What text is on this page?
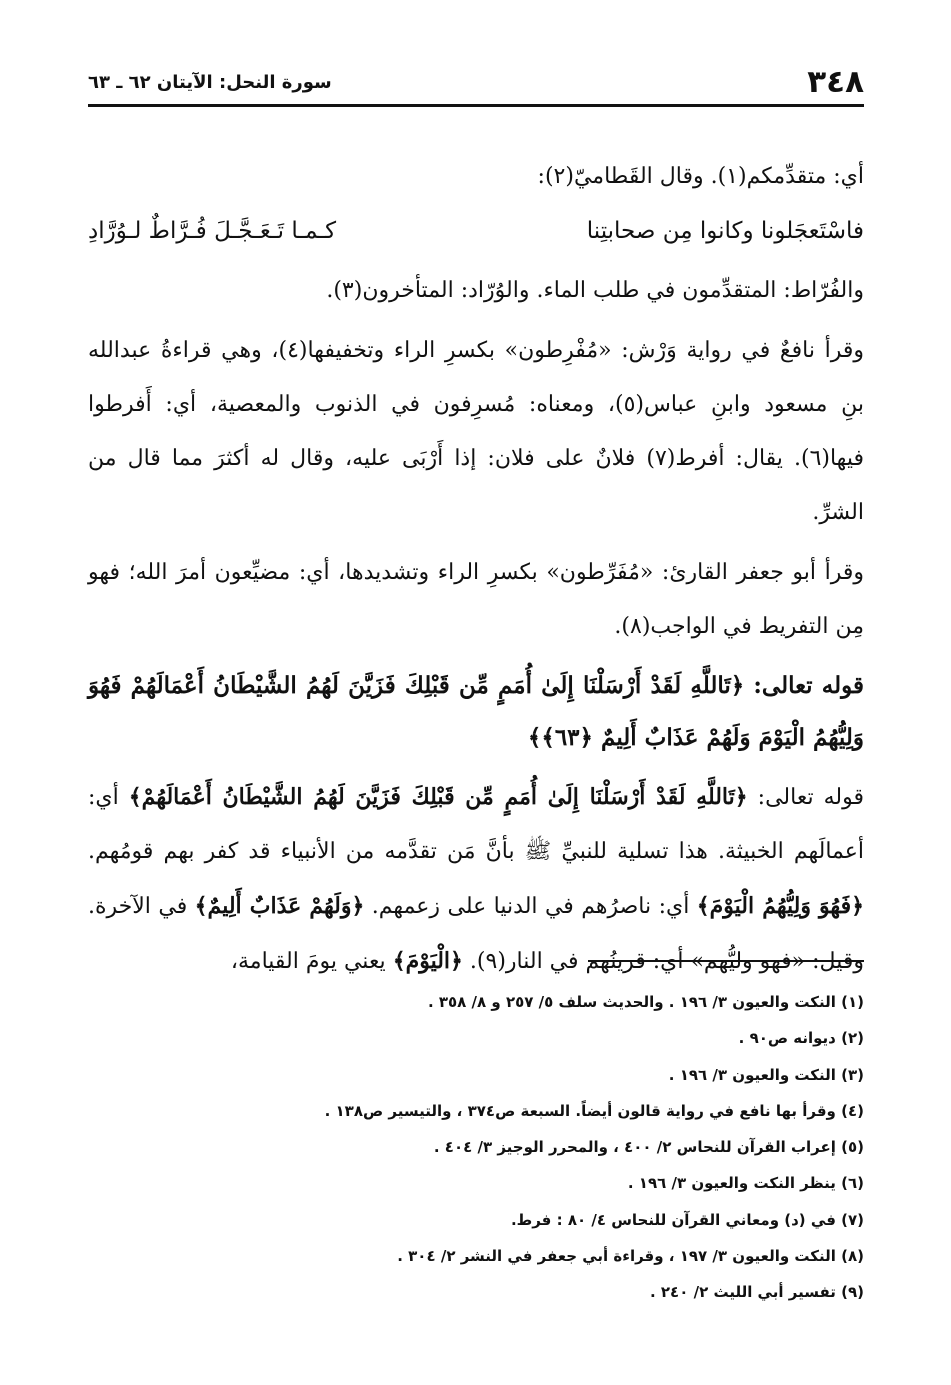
٣٤٨
سورة النحل: الآيتان ٦٢ ـ ٦٣

أي: متقدِّمكم(١). وقال القَطاميّ(٢):

فاسْتَعجَلونا وكانوا مِن صحابتِنا
كـمـا تَـعَـجَّـلَ فُـرَّاطٌ لـوُرَّادِ

والفُرّاط: المتقدِّمون في طلب الماء. والوُرّاد: المتأخرون(٣).

وقرأ نافعٌ في رواية وَرْش: «مُفْرِطون» بكسرِ الراء وتخفيفها(٤)، وهي قراءةُ عبدالله بنِ مسعود وابنِ عباس(٥)، ومعناه: مُسرِفون في الذنوب والمعصية، أي: أَفرطوا فيها(٦). يقال: أفرط(٧) فلانٌ على فلان: إذا أَرْبَى عليه، وقال له أكثرَ مما قال من الشرِّ.

وقرأ أبو جعفر القارئ: «مُفَرِّطون» بكسرِ الراء وتشديدها، أي: مضيِّعون أمرَ الله؛ فهو مِن التفريط في الواجب(٨).

قوله تعالى: ﴿تَاللَّهِ لَقَدْ أَرْسَلْنَا إِلَىٰ أُمَمٍ مِّن قَبْلِكَ فَزَيَّنَ لَهُمُ الشَّيْطَانُ أَعْمَالَهُمْ فَهُوَ وَلِيُّهُمُ الْيَوْمَ وَلَهُمْ عَذَابٌ أَلِيمٌ ﴿٦٣﴾﴾

قوله تعالى: ﴿تَاللَّهِ لَقَدْ أَرْسَلْنَا إِلَىٰ أُمَمٍ مِّن قَبْلِكَ فَزَيَّنَ لَهُمُ الشَّيْطَانُ أَعْمَالَهُمْ﴾ أي: أعمالَهم الخبيثة. هذا تسلية للنبيِّ ﷺ بأنَّ مَن تقدَّمه من الأنبياء قد كفر بهم قومُهم. ﴿فَهُوَ وَلِيُّهُمُ الْيَوْمَ﴾ أي: ناصرُهم في الدنيا على زعمهم. ﴿وَلَهُمْ عَذَابٌ أَلِيمٌ﴾ في الآخرة. وقيل: «فهو وليُّهم» أي: قرينُهم في النار(٩). ﴿الْيَوْمَ﴾ يعني يومَ القيامة،

(١) النكت والعيون ٣/ ١٩٦ . والحديث سلف ٥/ ٢٥٧ و ٨/ ٣٥٨ .
(٢) ديوانه ص٩٠ .
(٣) النكت والعيون ٣/ ١٩٦ .
(٤) وقرأ بها نافع في رواية قالون أيضاً. السبعة ص٣٧٤ ، والتيسير ص١٣٨ .
(٥) إعراب القرآن للنحاس ٢/ ٤٠٠ ، والمحرر الوجيز ٣/ ٤٠٤ .
(٦) ينظر النكت والعيون ٣/ ١٩٦ .
(٧) في (د) ومعاني القرآن للنحاس ٤/ ٨٠ : فرط.
(٨) النكت والعيون ٣/ ١٩٧ ، وقراءة أبي جعفر في النشر ٢/ ٣٠٤ .
(٩) تفسير أبي الليث ٢/ ٢٤٠ .
